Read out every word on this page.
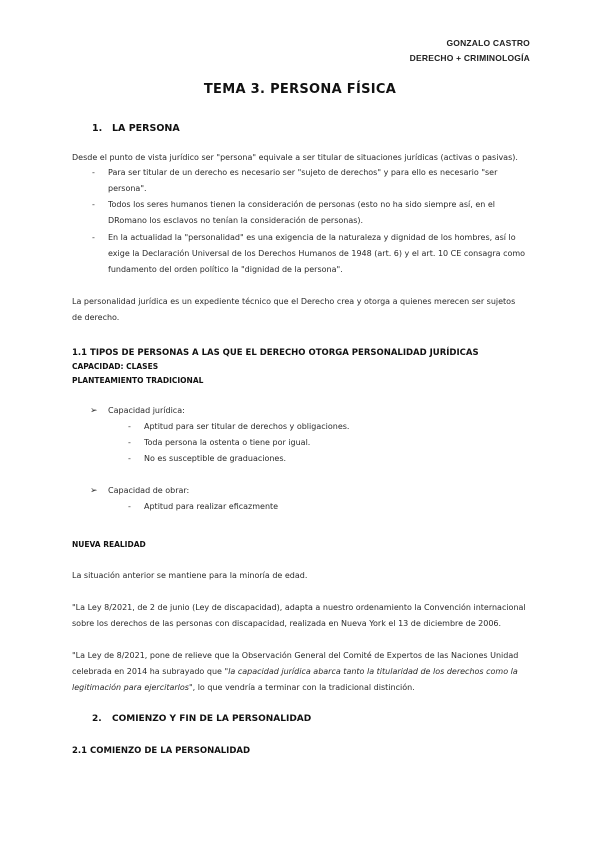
GONZALO CASTRO
DERECHO + CRIMINOLOGÍA
TEMA 3. PERSONA FÍSICA
1. LA PERSONA
Desde el punto de vista jurídico ser "persona" equivale a ser titular de situaciones jurídicas (activas o pasivas).
- Para ser titular de un derecho es necesario ser "sujeto de derechos" y para ello es necesario "ser
persona".
- Todos los seres humanos tienen la consideración de personas (esto no ha sido siempre así, en el
DRomano los esclavos no tenían la consideración de personas).
- En la actualidad la "personalidad" es una exigencia de la naturaleza y dignidad de los hombres, así lo
exige la Declaración Universal de los Derechos Humanos de 1948 (art. 6) y el art. 10 CE consagra como
fundamento del orden político la "dignidad de la persona".
La personalidad jurídica es un expediente técnico que el Derecho crea y otorga a quienes merecen ser sujetos
de derecho.
1.1 TIPOS DE PERSONAS A LAS QUE EL DERECHO OTORGA PERSONALIDAD JURÍDICAS
CAPACIDAD: CLASES
PLANTEAMIENTO TRADICIONAL
➢ Capacidad jurídica:
- Aptitud para ser titular de derechos y obligaciones.
- Toda persona la ostenta o tiene por igual.
- No es susceptible de graduaciones.
➢ Capacidad de obrar:
- Aptitud para realizar eficazmente
NUEVA REALIDAD
La situación anterior se mantiene para la minoría de edad.
"La Ley 8/2021, de 2 de junio (Ley de discapacidad), adapta a nuestro ordenamiento la Convención internacional
sobre los derechos de las personas con discapacidad, realizada en Nueva York el 13 de diciembre de 2006.
"La Ley de 8/2021, pone de relieve que la Observación General del Comité de Expertos de las Naciones Unidad
celebrada en 2014 ha subrayado que "la capacidad jurídica abarca tanto la titularidad de los derechos como la
legitimación para ejercitarlos", lo que vendría a terminar con la tradicional distinción.
2. COMIENZO Y FIN DE LA PERSONALIDAD
2.1 COMIENZO DE LA PERSONALIDAD
